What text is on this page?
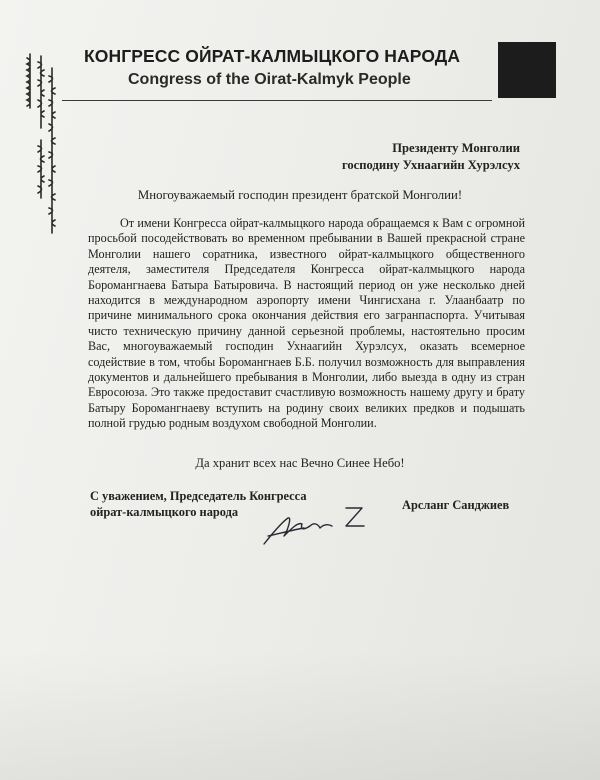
КОНГРЕСС ОЙРАТ-КАЛМЫЦКОГО НАРОДА
Congress of the Oirat-Kalmyk People
Президенту Монголии
господину Ухнаагийн Хурэлсух
Многоуважаемый господин президент братской Монголии!

От имени Конгресса ойрат-калмыцкого народа обращаемся к Вам с огромной просьбой посодействовать во временном пребывании в Вашей прекрасной стране Монголии нашего соратника, известного ойрат-калмыцкого общественного деятеля, заместителя Председателя Конгресса ойрат-калмыцкого народа Боромангнаева Батыра Батыровича. В настоящий период он уже несколько дней находится в международном аэропорту имени Чингисхана г. Улаанбаатр по причине минимального срока окончания действия его загранпаспорта. Учитывая чисто техническую причину данной серьезной проблемы, настоятельно просим Вас, многоуважаемый господин Ухнаагийн Хурэлсух, оказать всемерное содействие в том, чтобы Боромангнаев Б.Б. получил возможность для выправления документов и дальнейшего пребывания в Монголии, либо выезда в одну из стран Евросоюза. Это также предоставит счастливую возможность нашему другу и брату Батыру Боромангнаеву вступить на родину своих великих предков и подышать полной грудью родным воздухом свободной Монголии.

Да хранит всех нас Вечно Синее Небо!
С уважением, Председатель Конгресса
ойрат-калмыцкого народа	Арсланг Санджиев
